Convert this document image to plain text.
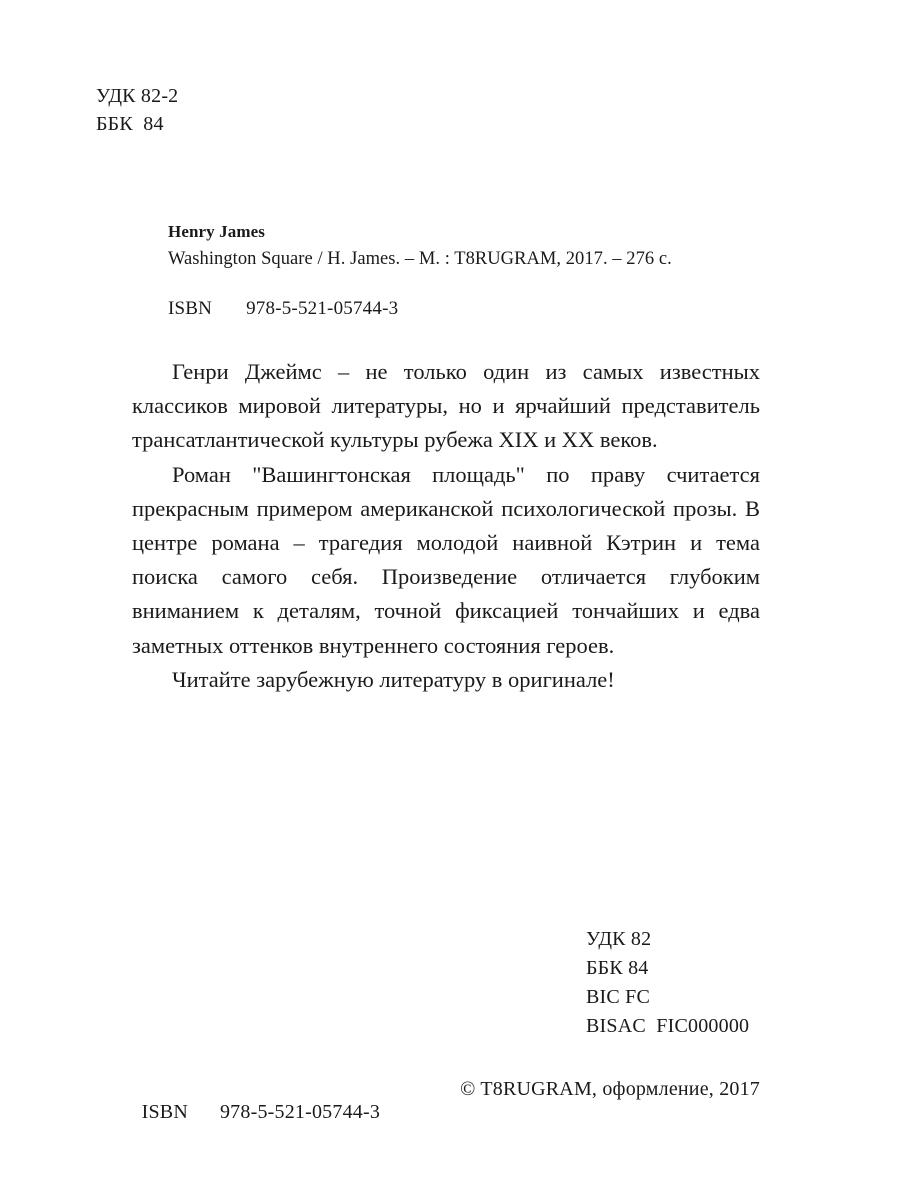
УДК 82-2
ББК  84
Henry James
Washington Square / H. James. – M. : T8RUGRAM, 2017. – 276 c.
ISBN 978-5-521-05744-3

Генри Джеймс – не только один из самых известных классиков мировой литературы, но и ярчайший представитель трансатлантической культуры рубежа XIX и XX веков.

Роман "Вашингтонская площадь" по праву считается прекрасным примером американской психологической прозы. В центре романа – трагедия молодой наивной Кэтрин и тема поиска самого себя. Произведение отличается глубоким вниманием к деталям, точной фиксацией тончайших и едва заметных оттенков внутреннего состояния героев.

Читайте зарубежную литературу в оригинале!

УДК 82
ББК 84
BIC FC
BISAC  FIC000000

ISBN 978-5-521-05744-3

© T8RUGRAM, оформление, 2017
